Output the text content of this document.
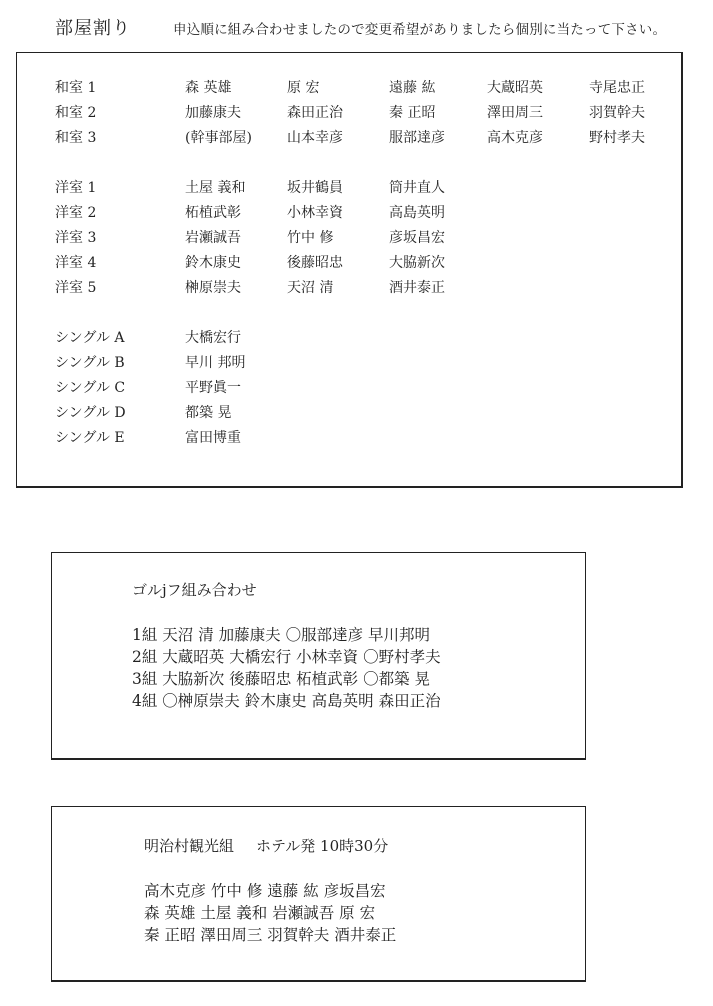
部屋割り	申込順に組み合わせましたので変更希望がありましたら個別に当たって下さい。
和室 1	森 英雄	原 宏	遠藤 紘	大蔵昭英	寺尾忠正
和室 2	加藤康夫	森田正治	秦 正昭	澤田周三	羽賀幹夫
和室 3	(幹事部屋)	山本幸彦	服部達彦	高木克彦	野村孝夫
洋室 1	土屋 義和	坂井鶴員	筒井直人
洋室 2	柘植武彰	小林幸資	高島英明
洋室 3	岩瀬誠吾	竹中 修	彦坂昌宏
洋室 4	鈴木康史	後藤昭忠	大脇新次
洋室 5	榊原崇夫	天沼 清	酒井泰正
シングル A	大橋宏行
シングル B	早川 邦明
シングル C	平野眞一
シングル D	都築 晃
シングル E	富田博重
ゴルjフ組み合わせ
1組 天沼 清 加藤康夫 〇服部達彦 早川邦明
2組 大蔵昭英 大橋宏行 小林幸資 〇野村孝夫
3組 大脇新次 後藤昭忠 柘植武彰 〇都築 晃
4組 〇榊原崇夫 鈴木康史 高島英明 森田正治
明治村観光組 ホテル発 10時30分
高木克彦 竹中 修 遠藤 紘 彦坂昌宏
森 英雄 土屋 義和 岩瀬誠吾 原 宏
秦 正昭 澤田周三 羽賀幹夫 酒井泰正
